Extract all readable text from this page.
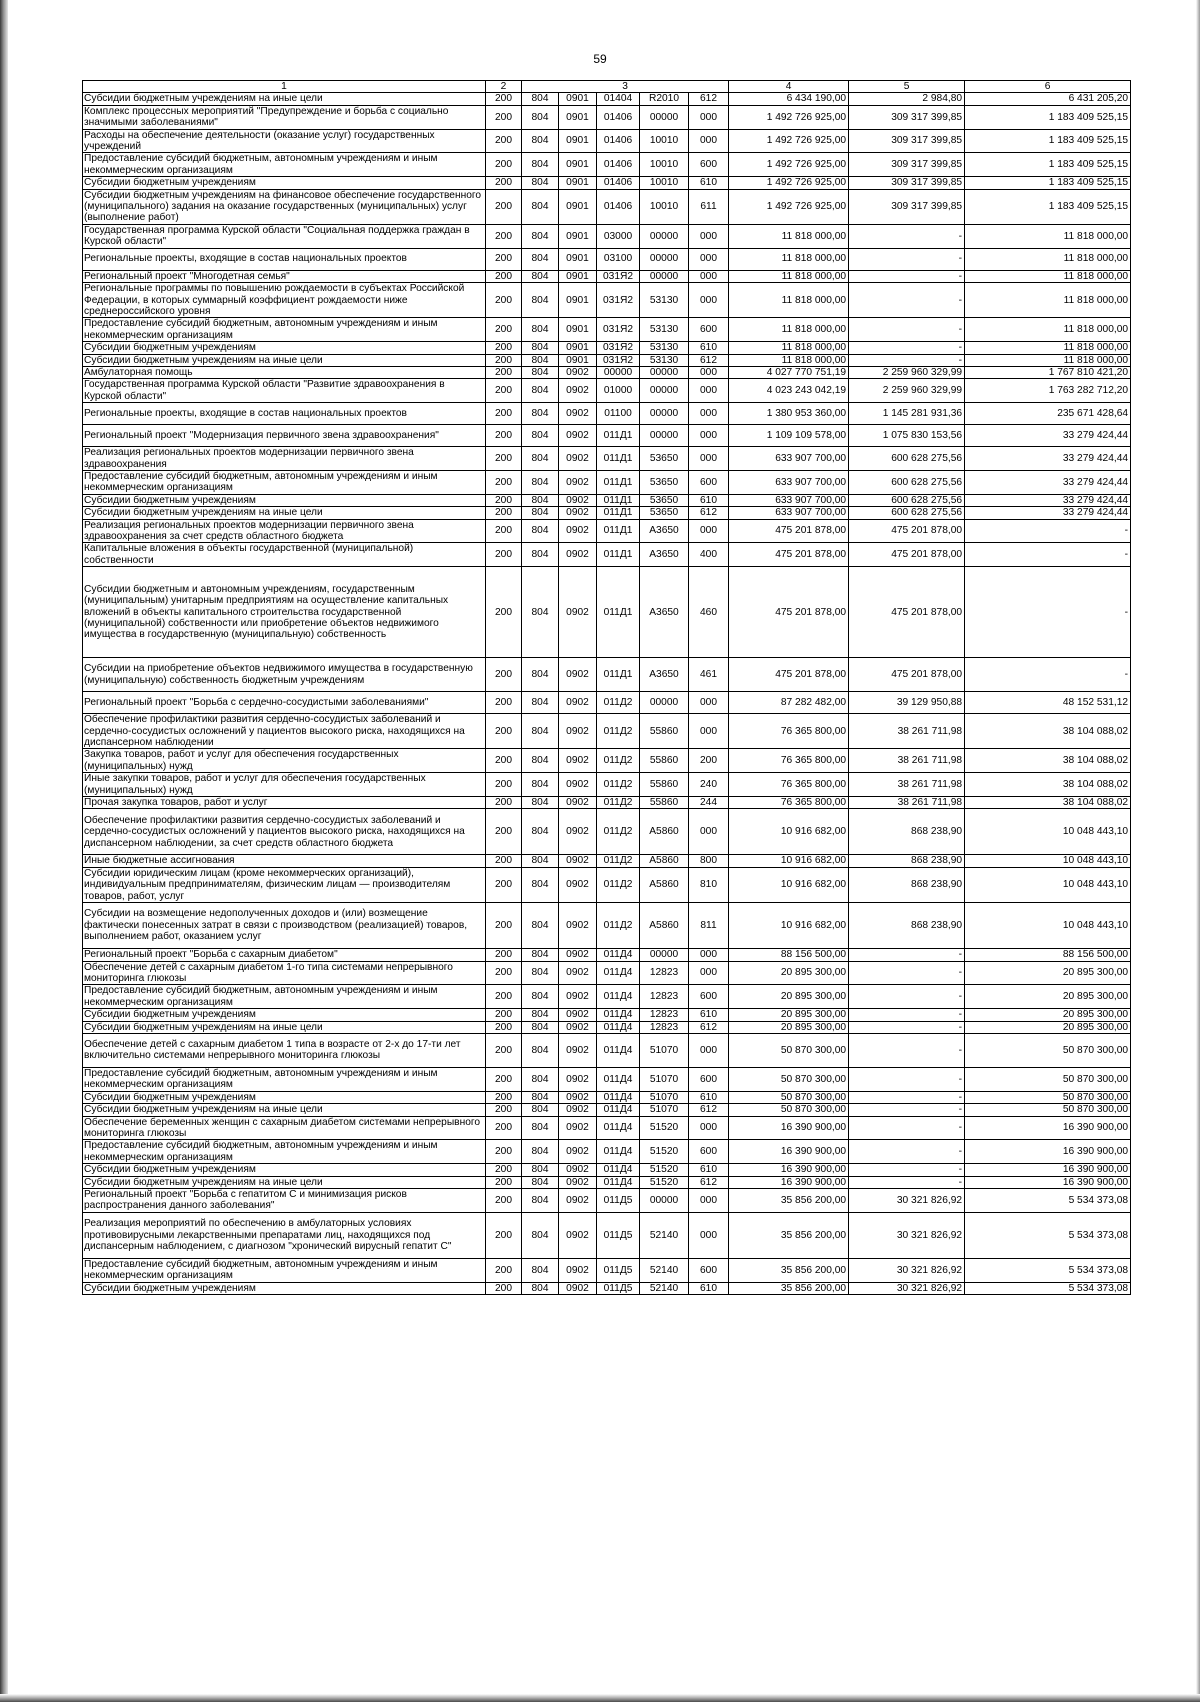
59
1	2	3					4	5	6
Субсидии бюджетным учреждениям на иные цели	200	804	0901	01404	R2010	612	6 434 190,00	2 984,80	6 431 205,20
Комплекс процессных мероприятий "Предупреждение и борьба с социально значимыми заболеваниями"	200	804	0901	01406	00000	000	1 492 726 925,00	309 317 399,85	1 183 409 525,15
Расходы на обеспечение деятельности (оказание услуг) государственных учреждений	200	804	0901	01406	10010	000	1 492 726 925,00	309 317 399,85	1 183 409 525,15
Предоставление субсидий бюджетным, автономным учреждениям и иным некоммерческим организациям	200	804	0901	01406	10010	600	1 492 726 925,00	309 317 399,85	1 183 409 525,15
Субсидии бюджетным учреждениям	200	804	0901	01406	10010	610	1 492 726 925,00	309 317 399,85	1 183 409 525,15
Субсидии бюджетным учреждениям на финансовое обеспечение государственного (муниципального) задания на оказание государственных (муниципальных) услуг (выполнение работ)	200	804	0901	01406	10010	611	1 492 726 925,00	309 317 399,85	1 183 409 525,15
Государственная программа Курской области "Социальная поддержка граждан в Курской области"	200	804	0901	03000	00000	000	11 818 000,00	-	11 818 000,00
Региональные проекты, входящие в состав национальных проектов	200	804	0901	03100	00000	000	11 818 000,00	-	11 818 000,00
Региональный проект "Многодетная семья"	200	804	0901	031Я2	00000	000	11 818 000,00	-	11 818 000,00
Региональные программы по повышению рождаемости в субъектах Российской Федерации, в которых суммарный коэффициент рождаемости ниже среднероссийского уровня	200	804	0901	031Я2	53130	000	11 818 000,00	-	11 818 000,00
Предоставление субсидий бюджетным, автономным учреждениям и иным некоммерческим организациям	200	804	0901	031Я2	53130	600	11 818 000,00	-	11 818 000,00
Субсидии бюджетным учреждениям	200	804	0901	031Я2	53130	610	11 818 000,00	-	11 818 000,00
Субсидии бюджетным учреждениям на иные цели	200	804	0901	031Я2	53130	612	11 818 000,00	-	11 818 000,00
Амбулаторная помощь	200	804	0902	00000	00000	000	4 027 770 751,19	2 259 960 329,99	1 767 810 421,20
Государственная программа Курской области "Развитие здравоохранения в Курской области"	200	804	0902	01000	00000	000	4 023 243 042,19	2 259 960 329,99	1 763 282 712,20
Региональные проекты, входящие в состав национальных проектов	200	804	0902	01100	00000	000	1 380 953 360,00	1 145 281 931,36	235 671 428,64
Региональный проект "Модернизация первичного звена здравоохранения"	200	804	0902	011Д1	00000	000	1 109 109 578,00	1 075 830 153,56	33 279 424,44
Реализация региональных проектов модернизации первичного звена здравоохранения	200	804	0902	011Д1	53650	000	633 907 700,00	600 628 275,56	33 279 424,44
Предоставление субсидий бюджетным, автономным учреждениям и иным некоммерческим организациям	200	804	0902	011Д1	53650	600	633 907 700,00	600 628 275,56	33 279 424,44
Субсидии бюджетным учреждениям	200	804	0902	011Д1	53650	610	633 907 700,00	600 628 275,56	33 279 424,44
Субсидии бюджетным учреждениям на иные цели	200	804	0902	011Д1	53650	612	633 907 700,00	600 628 275,56	33 279 424,44
Реализация региональных проектов модернизации первичного звена здравоохранения за счет средств областного бюджета	200	804	0902	011Д1	А3650	000	475 201 878,00	475 201 878,00	-
Капитальные вложения в объекты государственной (муниципальной) собственности	200	804	0902	011Д1	А3650	400	475 201 878,00	475 201 878,00	-
Субсидии бюджетным и автономным учреждениям, государственным (муниципальным) унитарным предприятиям на осуществление капитальных вложений в объекты капитального строительства государственной (муниципальной) собственности или приобретение объектов недвижимого имущества в государственную (муниципальную) собственность	200	804	0902	011Д1	А3650	460	475 201 878,00	475 201 878,00	-
Субсидии на приобретение объектов недвижимого имущества в государственную (муниципальную) собственность бюджетным учреждениям	200	804	0902	011Д1	А3650	461	475 201 878,00	475 201 878,00	-
Региональный проект "Борьба с сердечно-сосудистыми заболеваниями"	200	804	0902	011Д2	00000	000	87 282 482,00	39 129 950,88	48 152 531,12
Обеспечение профилактики развития сердечно-сосудистых заболеваний и сердечно-сосудистых осложнений у пациентов высокого риска, находящихся на диспансерном наблюдении	200	804	0902	011Д2	55860	000	76 365 800,00	38 261 711,98	38 104 088,02
Закупка товаров, работ и услуг для обеспечения государственных (муниципальных) нужд	200	804	0902	011Д2	55860	200	76 365 800,00	38 261 711,98	38 104 088,02
Иные закупки товаров, работ и услуг для обеспечения государственных (муниципальных) нужд	200	804	0902	011Д2	55860	240	76 365 800,00	38 261 711,98	38 104 088,02
Прочая закупка товаров, работ и услуг	200	804	0902	011Д2	55860	244	76 365 800,00	38 261 711,98	38 104 088,02
Обеспечение профилактики развития сердечно-сосудистых заболеваний и сердечно-сосудистых осложнений у пациентов высокого риска, находящихся на диспансерном наблюдении, за счет средств областного бюджета	200	804	0902	011Д2	А5860	000	10 916 682,00	868 238,90	10 048 443,10
Иные бюджетные ассигнования	200	804	0902	011Д2	А5860	800	10 916 682,00	868 238,90	10 048 443,10
Субсидии юридическим лицам (кроме некоммерческих организаций), индивидуальным предпринимателям, физическим лицам — производителям товаров, работ, услуг	200	804	0902	011Д2	А5860	810	10 916 682,00	868 238,90	10 048 443,10
Субсидии на возмещение недополученных доходов и (или) возмещение фактически понесенных затрат в связи с производством (реализацией) товаров, выполнением работ, оказанием услуг	200	804	0902	011Д2	А5860	811	10 916 682,00	868 238,90	10 048 443,10
Региональный проект "Борьба с сахарным диабетом"	200	804	0902	011Д4	00000	000	88 156 500,00	-	88 156 500,00
Обеспечение детей с сахарным диабетом 1-го типа системами непрерывного мониторинга глюкозы	200	804	0902	011Д4	12823	000	20 895 300,00	-	20 895 300,00
Предоставление субсидий бюджетным, автономным учреждениям и иным некоммерческим организациям	200	804	0902	011Д4	12823	600	20 895 300,00	-	20 895 300,00
Субсидии бюджетным учреждениям	200	804	0902	011Д4	12823	610	20 895 300,00	-	20 895 300,00
Субсидии бюджетным учреждениям на иные цели	200	804	0902	011Д4	12823	612	20 895 300,00	-	20 895 300,00
Обеспечение детей с сахарным диабетом 1 типа в возрасте от 2-х до 17-ти лет включительно системами непрерывного мониторинга глюкозы	200	804	0902	011Д4	51070	000	50 870 300,00	-	50 870 300,00
Предоставление субсидий бюджетным, автономным учреждениям и иным некоммерческим организациям	200	804	0902	011Д4	51070	600	50 870 300,00	-	50 870 300,00
Субсидии бюджетным учреждениям	200	804	0902	011Д4	51070	610	50 870 300,00	-	50 870 300,00
Субсидии бюджетным учреждениям на иные цели	200	804	0902	011Д4	51070	612	50 870 300,00	-	50 870 300,00
Обеспечение беременных женщин с сахарным диабетом системами непрерывного мониторинга глюкозы	200	804	0902	011Д4	51520	000	16 390 900,00	-	16 390 900,00
Предоставление субсидий бюджетным, автономным учреждениям и иным некоммерческим организациям	200	804	0902	011Д4	51520	600	16 390 900,00	-	16 390 900,00
Субсидии бюджетным учреждениям	200	804	0902	011Д4	51520	610	16 390 900,00	-	16 390 900,00
Субсидии бюджетным учреждениям на иные цели	200	804	0902	011Д4	51520	612	16 390 900,00	-	16 390 900,00
Региональный проект "Борьба с гепатитом С и минимизация рисков распространения данного заболевания"	200	804	0902	011Д5	00000	000	35 856 200,00	30 321 826,92	5 534 373,08
Реализация мероприятий по обеспечению в амбулаторных условиях противовирусными лекарственными препаратами лиц, находящихся под диспансерным наблюдением, с диагнозом "хронический вирусный гепатит С"	200	804	0902	011Д5	52140	000	35 856 200,00	30 321 826,92	5 534 373,08
Предоставление субсидий бюджетным, автономным учреждениям и иным некоммерческим организациям	200	804	0902	011Д5	52140	600	35 856 200,00	30 321 826,92	5 534 373,08
Субсидии бюджетным учреждениям	200	804	0902	011Д5	52140	610	35 856 200,00	30 321 826,92	5 534 373,08
